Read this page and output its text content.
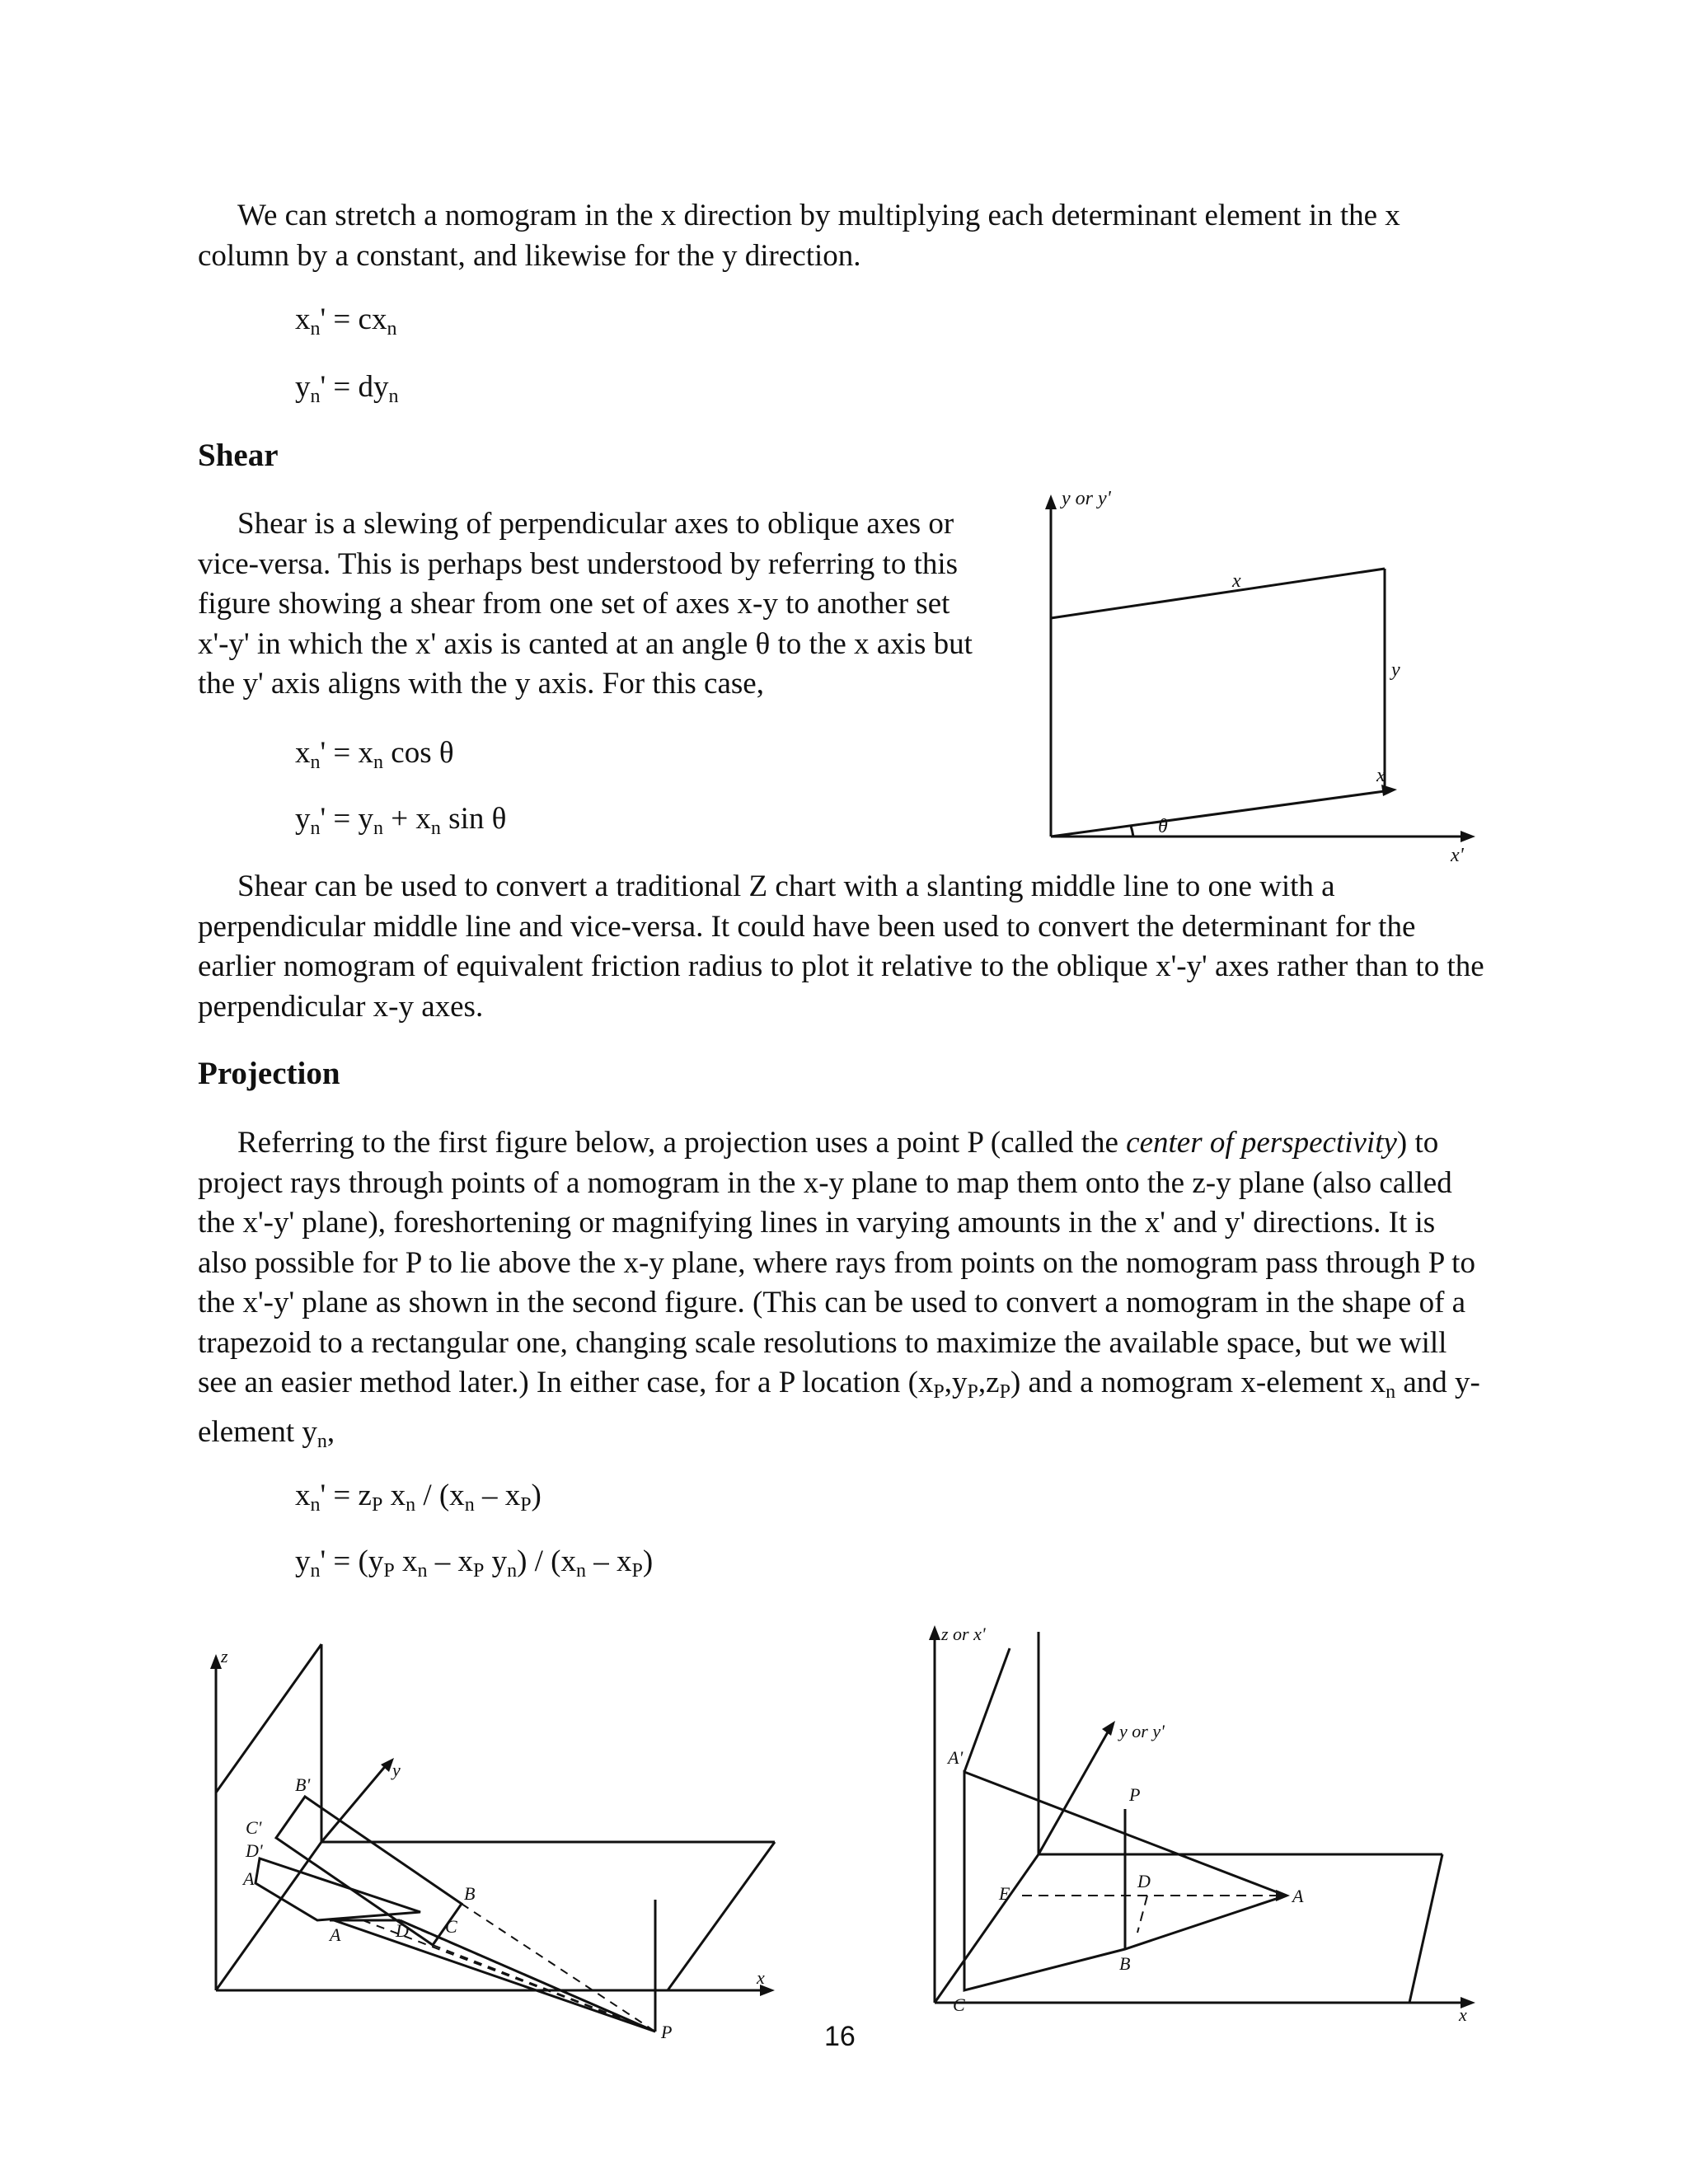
We can stretch a nomogram in the x direction by multiplying each determinant element in the x column by a constant, and likewise for the y direction.

$x_n' = cx_n$
$y_n' = dy_n$
Shear

Shear is a slewing of perpendicular axes to oblique axes or vice-versa. This is perhaps best understood by referring to this figure showing a shear from one set of axes x-y to another set x'-y' in which the x' axis is canted at an angle θ to the x axis but the y' axis aligns with the y axis. For this case,

$x_n' = x_n$ cos θ
$y_n' = y_n + x_n$ sin θ
y or y'
x
y
x
θ
x'

Shear can be used to convert a traditional Z chart with a slanting middle line to one with a perpendicular middle line and vice-versa. It could have been used to convert the determinant for the earlier nomogram of equivalent friction radius to plot it relative to the oblique x'-y' axes rather than to the perpendicular x-y axes.

Projection

Referring to the first figure below, a projection uses a point P (called the center of perspectivity) to project rays through points of a nomogram in the x-y plane to map them onto the z-y plane (also called the x'-y' plane), foreshortening or magnifying lines in varying amounts in the x' and y' directions. It is also possible for P to lie above the x-y plane, where rays from points on the nomogram pass through P to the x'-y' plane as shown in the second figure. (This can be used to convert a nomogram in the shape of a trapezoid to a rectangular one, changing scale resolutions to maximize the available space, but we will see an easier method later.) In either case, for a P location $(x_P,y_P,z_P)$ and a nomogram x-element $x_n$ and y-element $y_n$,

$x_n' = z_P$ $x_n / (x_n - x_P)$
$y_n' = (y_P$ $x_n - x_P$ $y_n) / (x_n - x_P)$
z
y
x
P
A
B
C
D
A'
B'
C'
D'
z or x'
y or y'
x
P
A
B
C
D
E
A'
16
